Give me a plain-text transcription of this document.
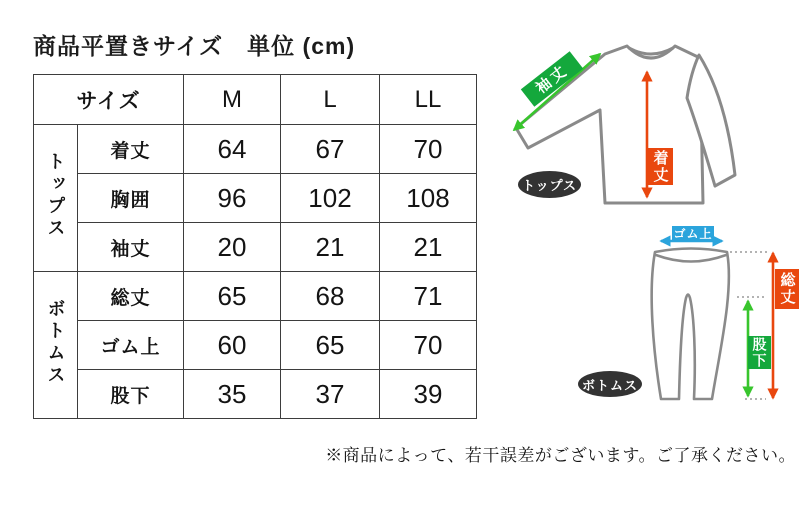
商品平置きサイズ　単位 (cm)
サイズ		M	L	LL
トップス	着丈	64	67	70
	胸囲	96	102	108
	袖丈	20	21	21
ボトムス	総丈	65	68	71
	ゴム上	60	65	70
	股下	35	37	39
袖丈
着丈
トップス
ゴム上
総丈
股下
ボトムス
※商品によって、若干誤差がございます。ご了承ください。
